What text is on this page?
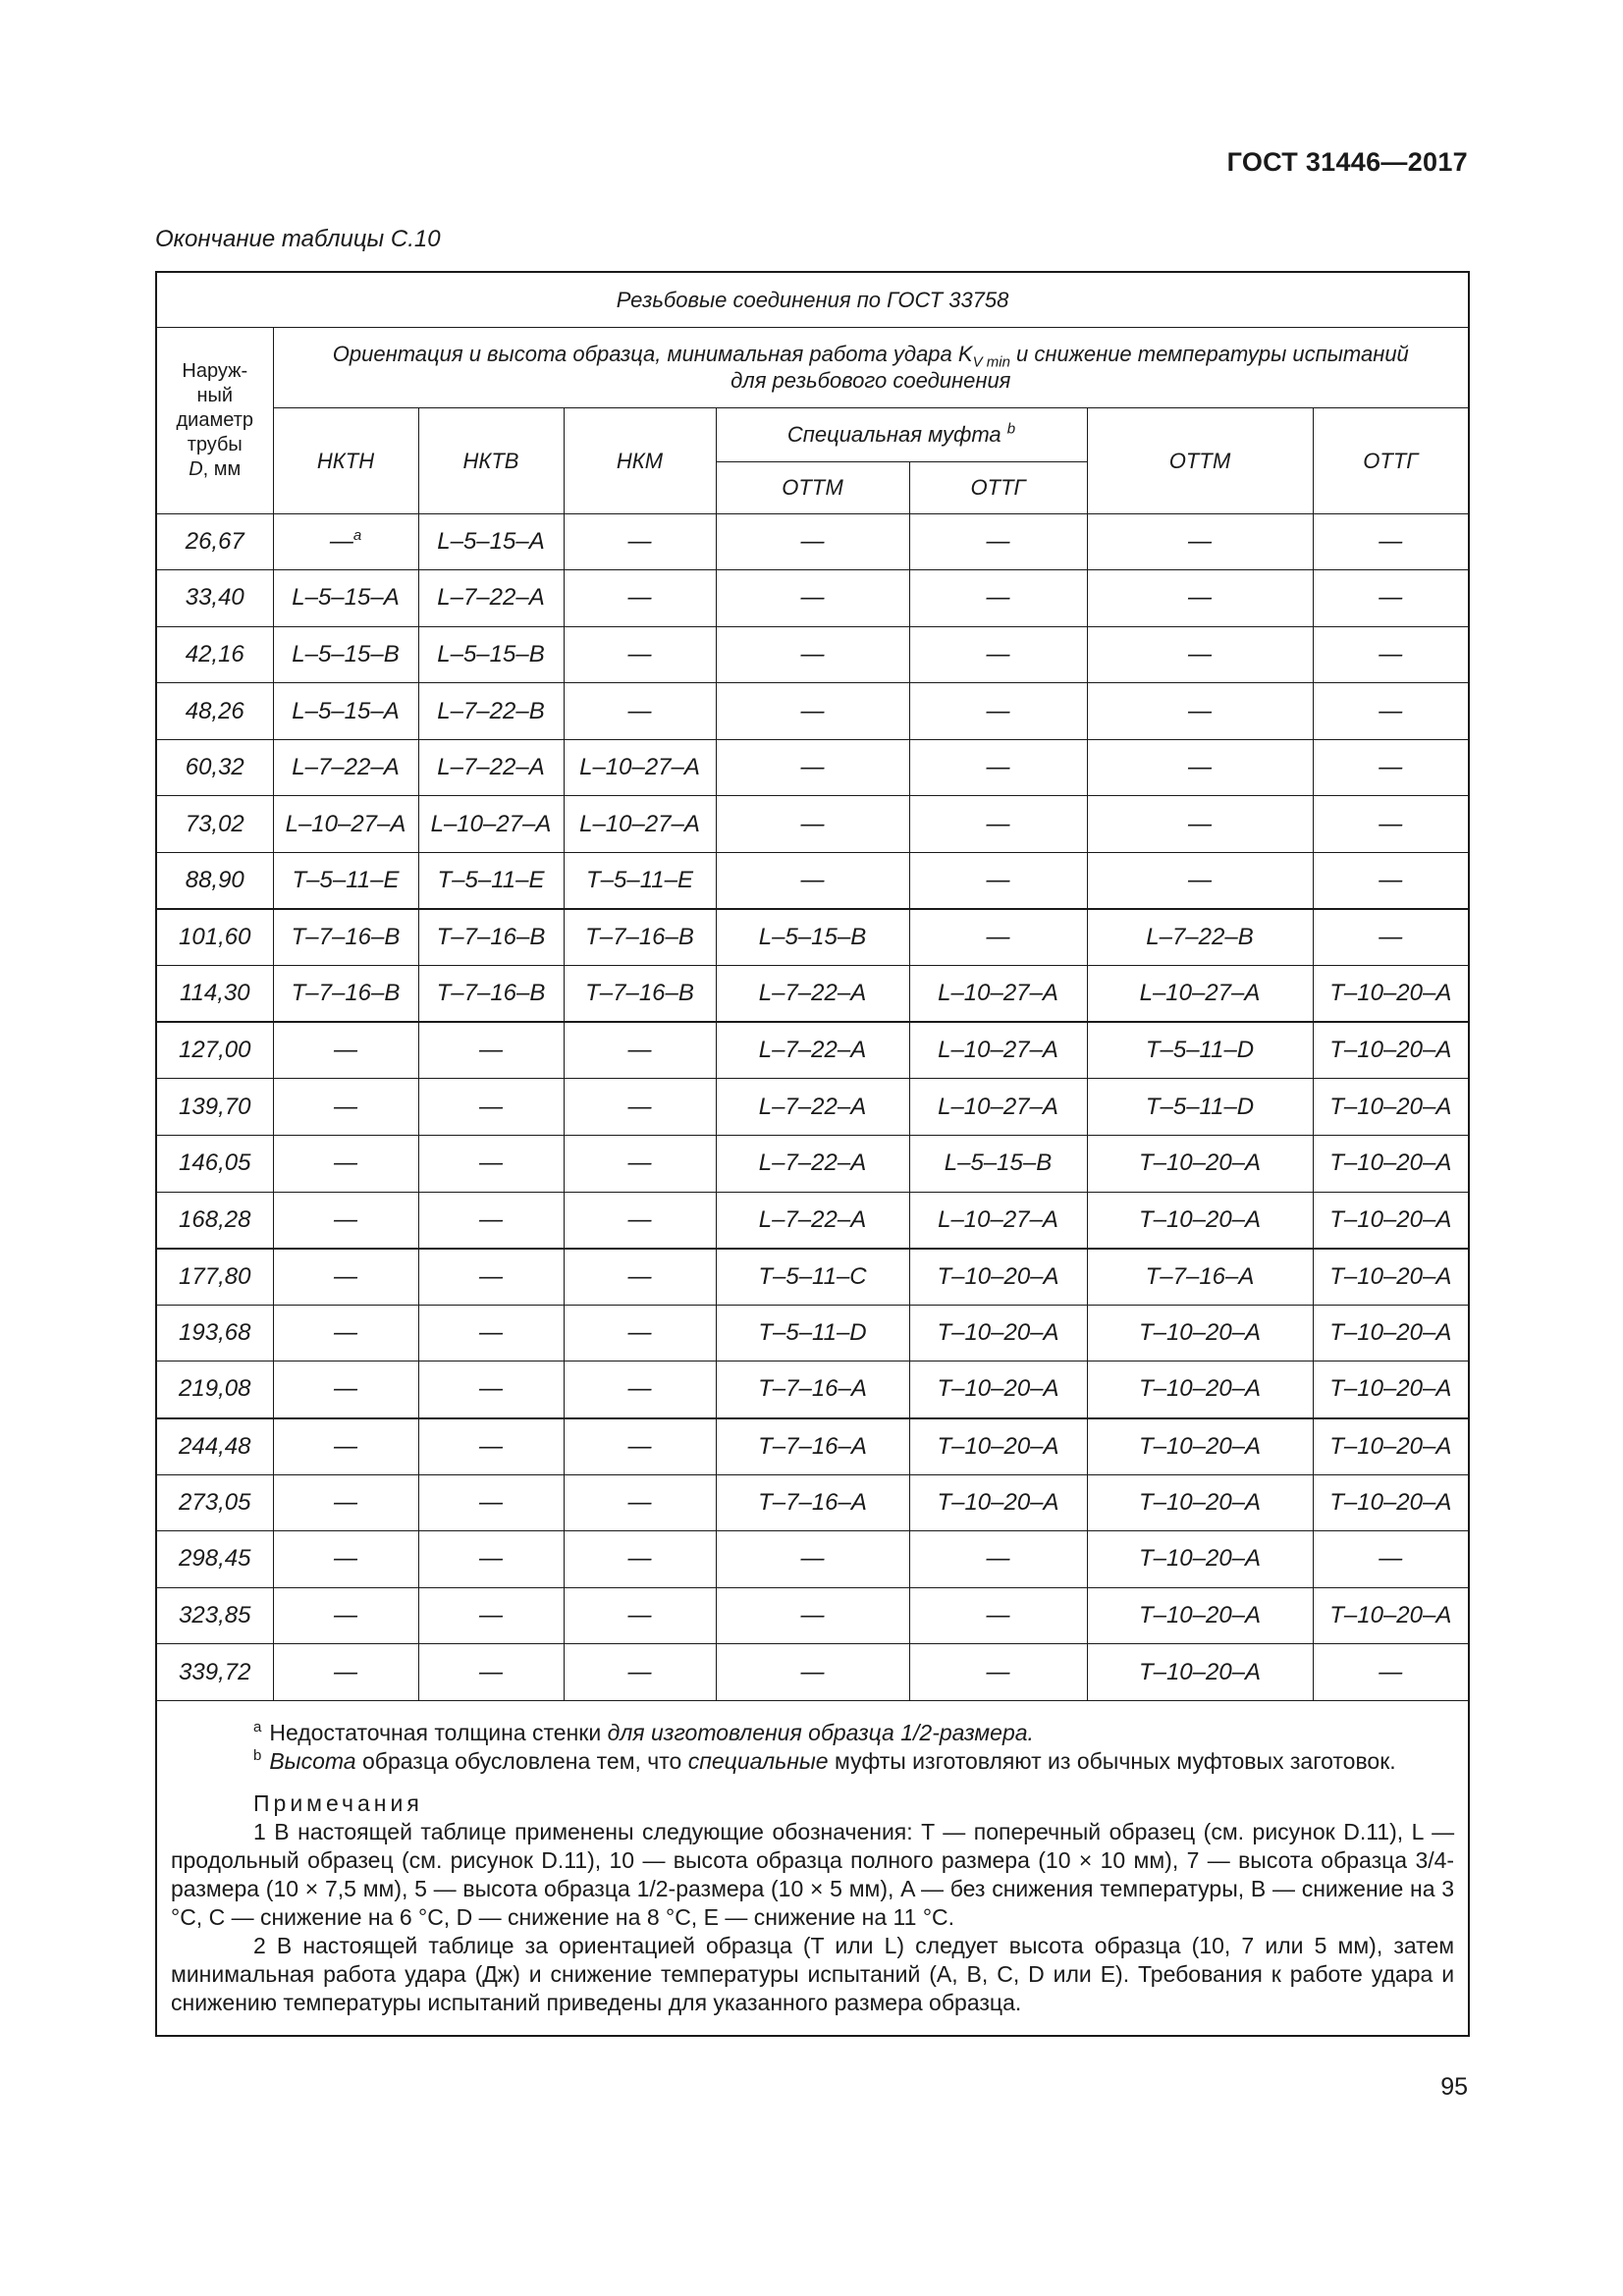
ГОСТ 31446—2017
Окончание таблицы С.10
Резьбовые соединения по ГОСТ 33758							
Наруж-
ный
диаметр
трубы
D, мм	Ориентация и высота образца, минимальная работа удара $K_{V min}$ и снижение температуры испытаний
для резьбового соединения						
	НКТН	НКТВ	НКМ	Специальная муфта $^b$		ОТТМ	ОТТГ
				ОТТМ	ОТТГ		
26,67	—$^a$	L–5–15–A	—	—	—	—	—
33,40	L–5–15–A	L–7–22–A	—	—	—	—	—
42,16	L–5–15–B	L–5–15–B	—	—	—	—	—
48,26	L–5–15–A	L–7–22–B	—	—	—	—	—
60,32	L–7–22–A	L–7–22–A	L–10–27–A	—	—	—	—
73,02	L–10–27–A	L–10–27–A	L–10–27–A	—	—	—	—
88,90	T–5–11–E	T–5–11–E	T–5–11–E	—	—	—	—
101,60	T–7–16–B	T–7–16–B	T–7–16–B	L–5–15–B	—	L–7–22–B	—
114,30	T–7–16–B	T–7–16–B	T–7–16–B	L–7–22–A	L–10–27–A	L–10–27–A	T–10–20–A
127,00	—	—	—	L–7–22–A	L–10–27–A	T–5–11–D	T–10–20–A
139,70	—	—	—	L–7–22–A	L–10–27–A	T–5–11–D	T–10–20–A
146,05	—	—	—	L–7–22–A	L–5–15–B	T–10–20–A	T–10–20–A
168,28	—	—	—	L–7–22–A	L–10–27–A	T–10–20–A	T–10–20–A
177,80	—	—	—	T–5–11–C	T–10–20–A	T–7–16–A	T–10–20–A
193,68	—	—	—	T–5–11–D	T–10–20–A	T–10–20–A	T–10–20–A
219,08	—	—	—	T–7–16–A	T–10–20–A	T–10–20–A	T–10–20–A
244,48	—	—	—	T–7–16–A	T–10–20–A	T–10–20–A	T–10–20–A
273,05	—	—	—	T–7–16–A	T–10–20–A	T–10–20–A	T–10–20–A
298,45	—	—	—	—	—	T–10–20–A	—
323,85	—	—	—	—	—	T–10–20–A	T–10–20–A
339,72	—	—	—	—	—	T–10–20–A	—

$^a$ Недостаточная толщина стенки для изготовления образца 1/2-размера.
$^b$ Высота образца обусловлена тем, что специальные муфты изготовляют из обычных муфтовых заготовок.
Примечания
1 В настоящей таблице применены следующие обозначения: T — поперечный образец (см. рисунок D.11), L — продольный образец (см. рисунок D.11), 10 — высота образца полного размера (10 × 10 мм), 7 — высота образца 3/4-размера (10 × 7,5 мм), 5 — высота образца 1/2-размера (10 × 5 мм), A — без снижения температуры, B — снижение на 3 °C, C — снижение на 6 °C, D — снижение на 8 °C, E — снижение на 11 °C.
2 В настоящей таблице за ориентацией образца (T или L) следует высота образца (10, 7 или 5 мм), затем минимальная работа удара (Дж) и снижение температуры испытаний (A, B, C, D или E). Требования к работе удара и снижению температуры испытаний приведены для указанного размера образца.							
95
